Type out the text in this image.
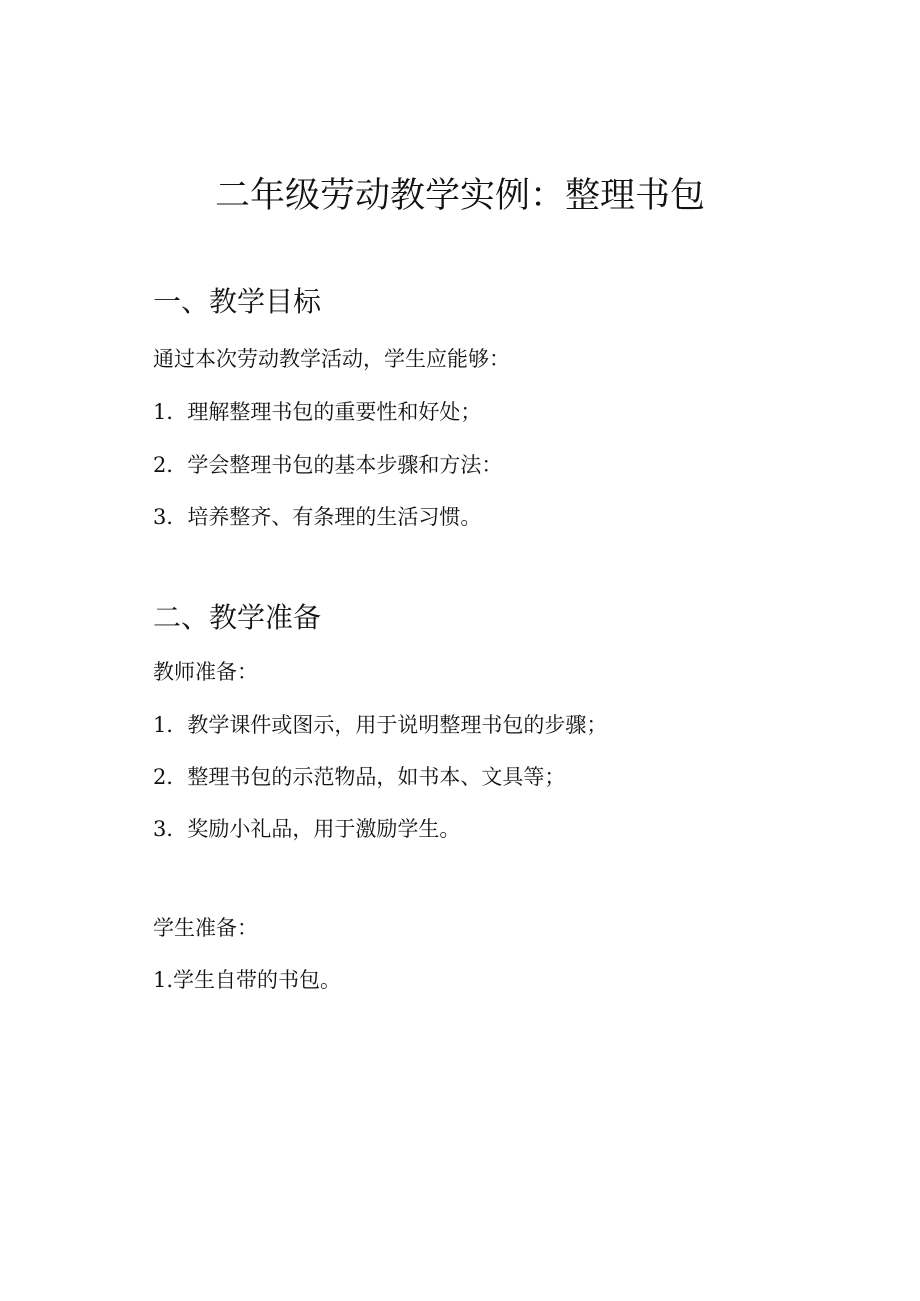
二年级劳动教学实例：整理书包
一、教学目标
通过本次劳动教学活动，学生应能够：
1．理解整理书包的重要性和好处；
2．学会整理书包的基本步骤和方法：
3．培养整齐、有条理的生活习惯。
二、教学准备
教师准备：
1．教学课件或图示，用于说明整理书包的步骤；
2．整理书包的示范物品，如书本、文具等；
3．奖励小礼品，用于激励学生。
学生准备：
1.学生自带的书包。
